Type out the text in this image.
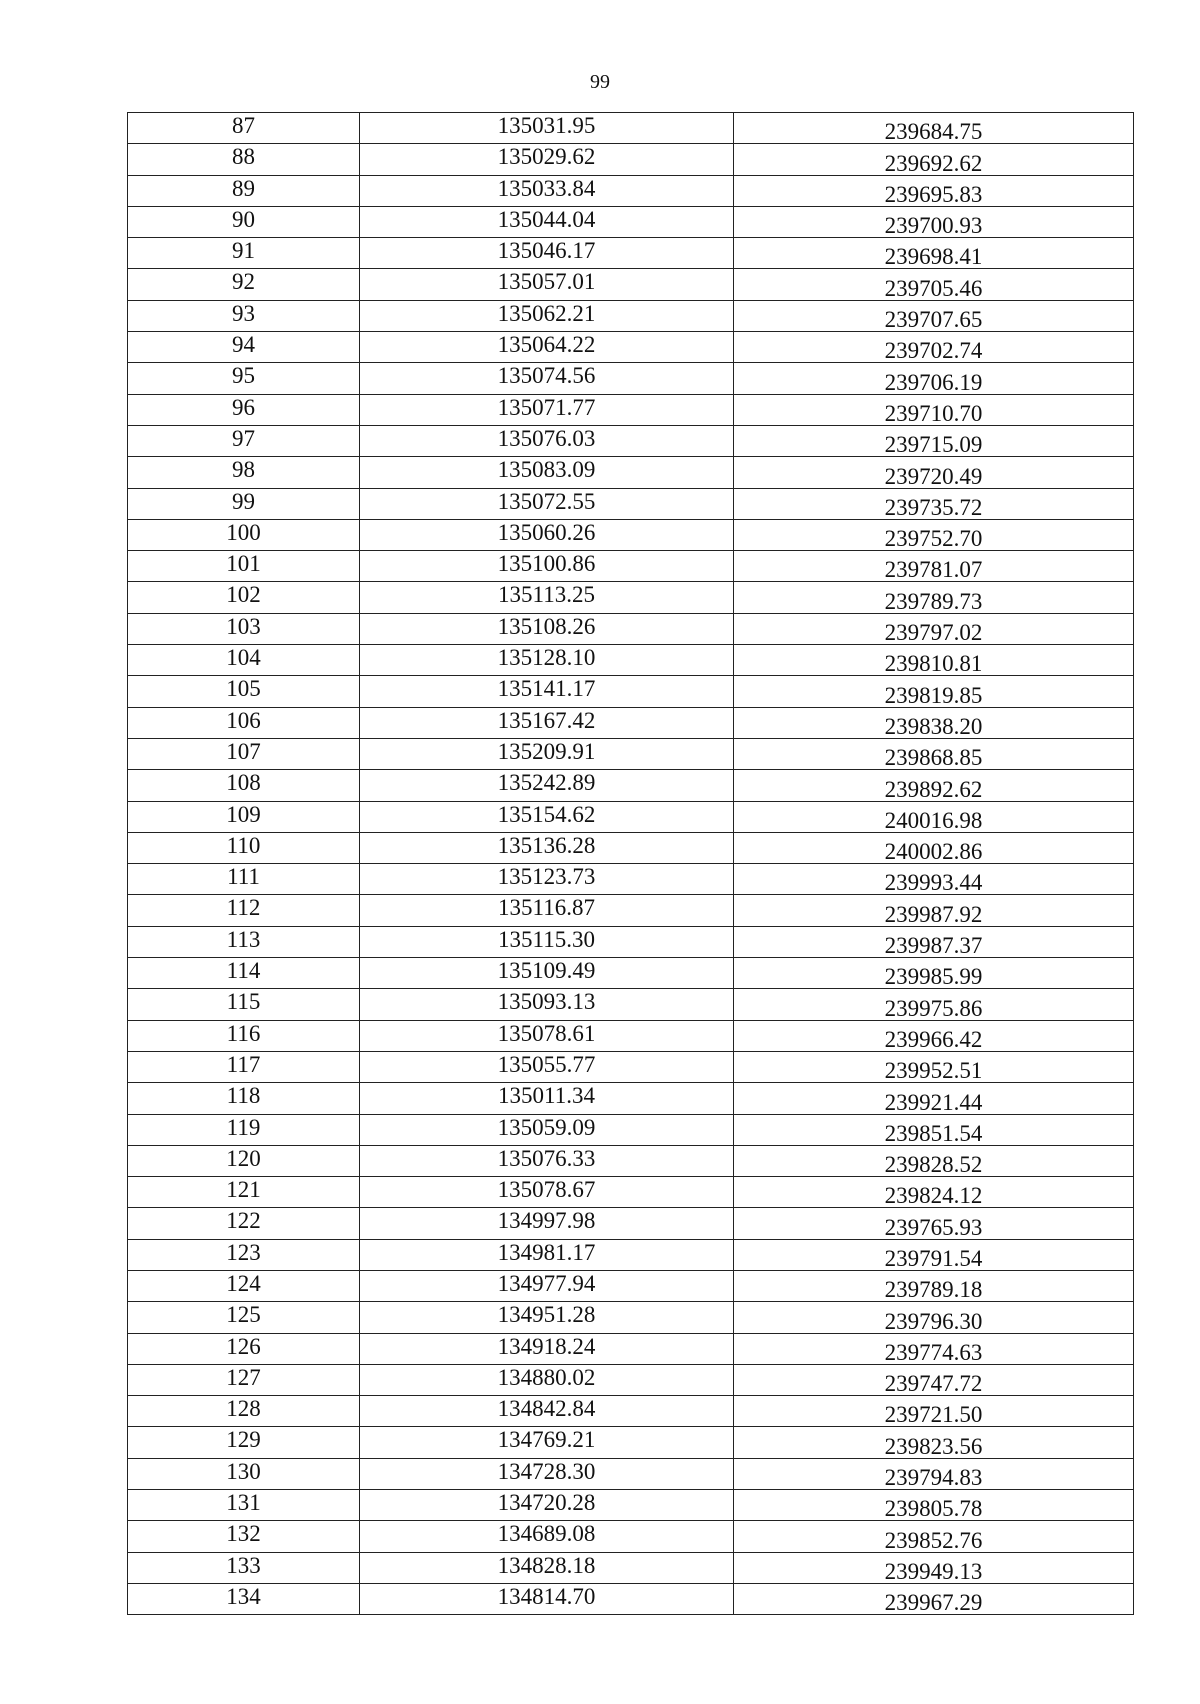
99
87	135031.95	239684.75
88	135029.62	239692.62
89	135033.84	239695.83
90	135044.04	239700.93
91	135046.17	239698.41
92	135057.01	239705.46
93	135062.21	239707.65
94	135064.22	239702.74
95	135074.56	239706.19
96	135071.77	239710.70
97	135076.03	239715.09
98	135083.09	239720.49
99	135072.55	239735.72
100	135060.26	239752.70
101	135100.86	239781.07
102	135113.25	239789.73
103	135108.26	239797.02
104	135128.10	239810.81
105	135141.17	239819.85
106	135167.42	239838.20
107	135209.91	239868.85
108	135242.89	239892.62
109	135154.62	240016.98
110	135136.28	240002.86
111	135123.73	239993.44
112	135116.87	239987.92
113	135115.30	239987.37
114	135109.49	239985.99
115	135093.13	239975.86
116	135078.61	239966.42
117	135055.77	239952.51
118	135011.34	239921.44
119	135059.09	239851.54
120	135076.33	239828.52
121	135078.67	239824.12
122	134997.98	239765.93
123	134981.17	239791.54
124	134977.94	239789.18
125	134951.28	239796.30
126	134918.24	239774.63
127	134880.02	239747.72
128	134842.84	239721.50
129	134769.21	239823.56
130	134728.30	239794.83
131	134720.28	239805.78
132	134689.08	239852.76
133	134828.18	239949.13
134	134814.70	239967.29
